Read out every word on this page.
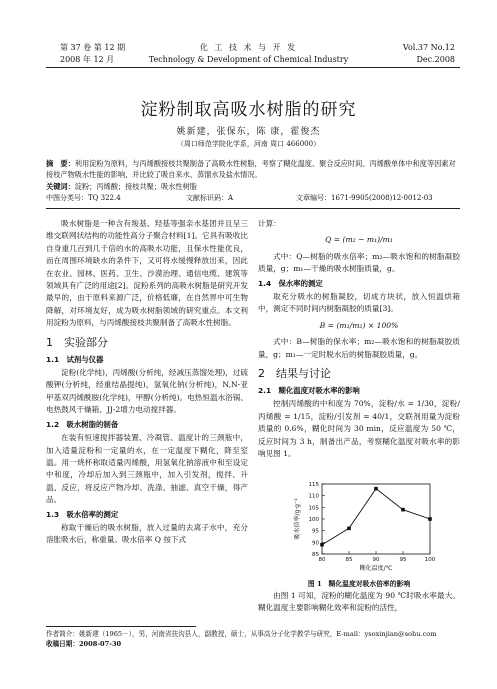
第 37 卷 第 12 期
2008 年 12 月
化 工 技 术 与 开 发
Technology & Development of Chemical Industry
Vol.37 No.12
Dec.2008
淀粉制取高吸水树脂的研究
姚新建，张保东，陈 康，霍俊杰
（周口师范学院化学系，河南 周口 466000）
摘　要：利用淀粉为原料，与丙烯酸接枝共聚制备了高吸水性树脂，考察了糊化温度、聚合反应时间、丙烯酸单体中和度等因素对接枝产物吸水性能的影响，并比较了吸自来水、蒸馏水及盐水情况。
关键词：淀粉；丙烯酸；接枝共聚；吸水性树脂
中图分类号：TQ 322.4	文献标识码：A	文章编号：1671-9905(2008)12-0012-03

吸水树脂是一种含有羧基、羟基等强亲水基团并且呈三维交联网状结构的功能性高分子聚合材料[1]。它具有吸收比自身重几百到几千倍的水的高吸水功能，且保水性能优良，而在周围环境缺水的条件下，又可将水缓慢释放出来，因此在农业、园林、医药、卫生、沙漠治理、通信电缆、建筑等领域具有广泛的用途[2]。淀粉系列的高吸水树脂是研究开发最早的，由于原料来源广泛，价格低廉，在自然界中可生物降解，对环境友好，成为吸水树脂领域的研究重点。本文利用淀粉为原料，与丙烯酸接枝共聚制备了高吸水性树脂。

1　实验部分
1.1　试剂与仪器

淀粉(化学纯)，丙烯酸(分析纯，经减压蒸馏处理)，过硫酸钾(分析纯，经重结晶提纯)，氢氧化钠(分析纯)，N,N-亚甲基双丙烯酰胺(化学纯)，甲醇(分析纯)。电热恒温水浴锅、电热鼓风干燥箱、JJ-2增力电动搅拌器。

1.2　吸水树脂的制备

在装有恒速搅拌器装置、冷凝管、温度计的三颈瓶中，加入适量淀粉和一定量的水，在一定温度下糊化，降至室温。用一烧杯称取适量丙烯酸，用氢氧化钠溶液中和至设定中和度，冷却后加入到三颈瓶中，加入引发剂，搅拌、升温、反应，将反应产物冷却、洗涤、抽滤、真空干燥，得产品。

1.3　吸水倍率的测定

称取干燥后的吸水树脂，放入过量的去离子水中，充分溶胀吸水后，称重量。吸水倍率 Q 按下式

计算：
Q = (m₂ − m₁)/m₁

式中：Q—树脂的吸水倍率；m₂—吸水饱和的树脂凝胶质量，g；m₁—干燥的吸水树脂质量，g。

1.4　保水率的测定

取充分吸水的树脂凝胶，切成方块状，放入恒温烘箱中，测定不同时间内树脂凝胶的质量[3]。

B = (m₁/m₂) × 100%

式中：B—树脂的保水率；m₂—吸水饱和的树脂凝胶质量，g；m₁—一定时脱水后的树脂凝胶质量，g。

2　结果与讨论
2.1　糊化温度对吸水率的影响

控制丙烯酸的中和度为 70%，淀粉/水 = 1/30，淀粉/丙烯酸 = 1/15，淀粉/引发剂 = 40/1，交联剂用量为淀粉质量的 0.6%，糊化时间为 30 min，反应温度为 50 ℃，反应时间为 3 h，制备出产品，考察糊化温度对吸水率的影响见图 1。

85
90
95
100
105
110
115
80	85	90	95	100
糊化温度/℃
吸水倍率/g·g⁻¹
图 1　糊化温度对吸水倍率的影响

由图 1 可知，淀粉的糊化温度为 90 ℃时吸水率最大。糊化温度主要影响糊化效率和淀粉的活性，

作者简介：姚新建（1965－），男，河南省扶沟县人，副教授，硕士，从事高分子化学教学与研究，E-mail：ysoxinjian@sohu.com
收稿日期：2008-07-30
